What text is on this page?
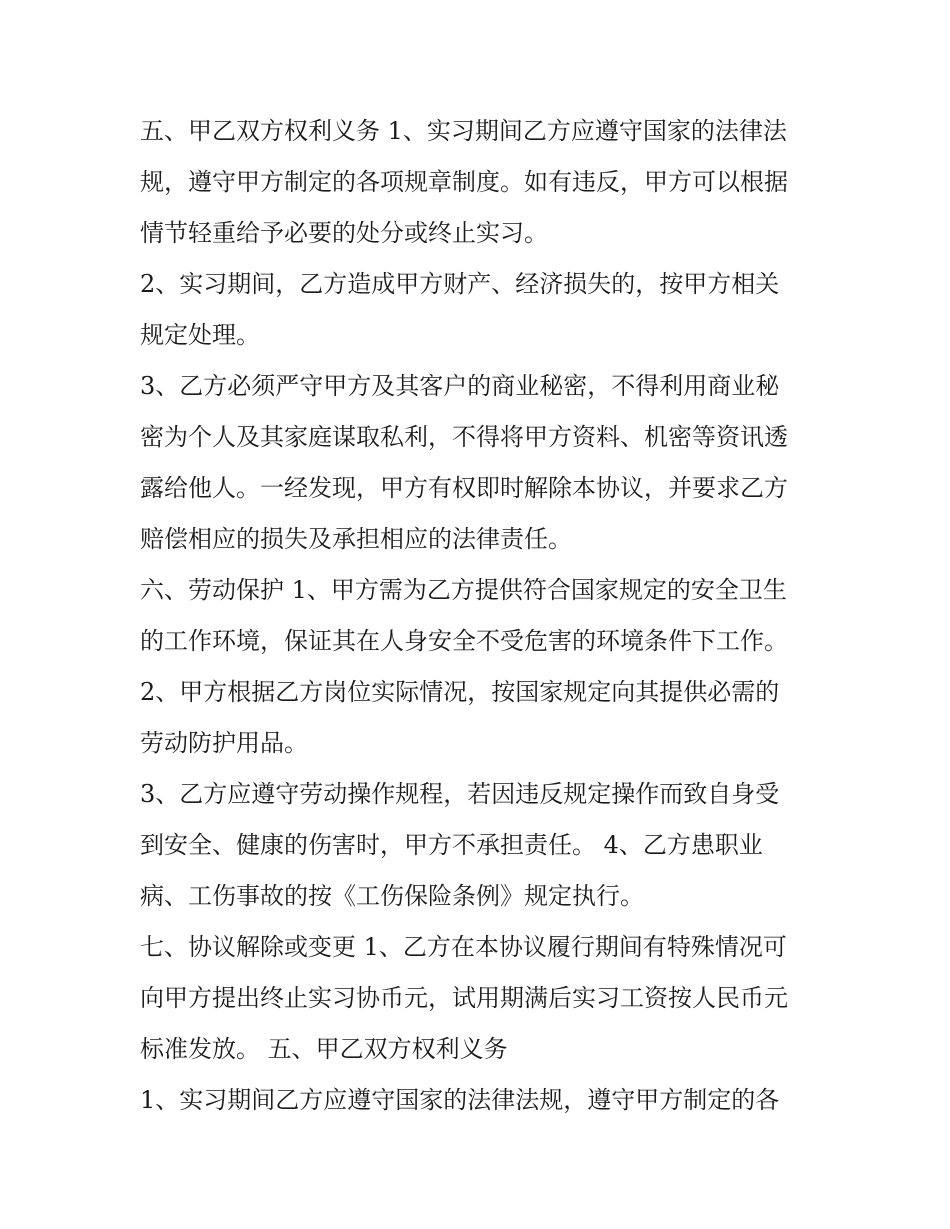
五、甲乙双方权利义务 1、实习期间乙方应遵守国家的法律法
规，遵守甲方制定的各项规章制度。如有违反，甲方可以根据
情节轻重给予必要的处分或终止实习。
2、实习期间，乙方造成甲方财产、经济损失的，按甲方相关
规定处理。
3、乙方必须严守甲方及其客户的商业秘密，不得利用商业秘
密为个人及其家庭谋取私利，不得将甲方资料、机密等资讯透
露给他人。一经发现，甲方有权即时解除本协议，并要求乙方
赔偿相应的损失及承担相应的法律责任。
六、劳动保护 1、甲方需为乙方提供符合国家规定的安全卫生
的工作环境，保证其在人身安全不受危害的环境条件下工作。
2、甲方根据乙方岗位实际情况，按国家规定向其提供必需的
劳动防护用品。
3、乙方应遵守劳动操作规程，若因违反规定操作而致自身受
到安全、健康的伤害时，甲方不承担责任。 4、乙方患职业
病、工伤事故的按《工伤保险条例》规定执行。
七、协议解除或变更 1、乙方在本协议履行期间有特殊情况可
向甲方提出终止实习协币元，试用期满后实习工资按人民币元
标准发放。 五、甲乙双方权利义务
1、实习期间乙方应遵守国家的法律法规，遵守甲方制定的各
